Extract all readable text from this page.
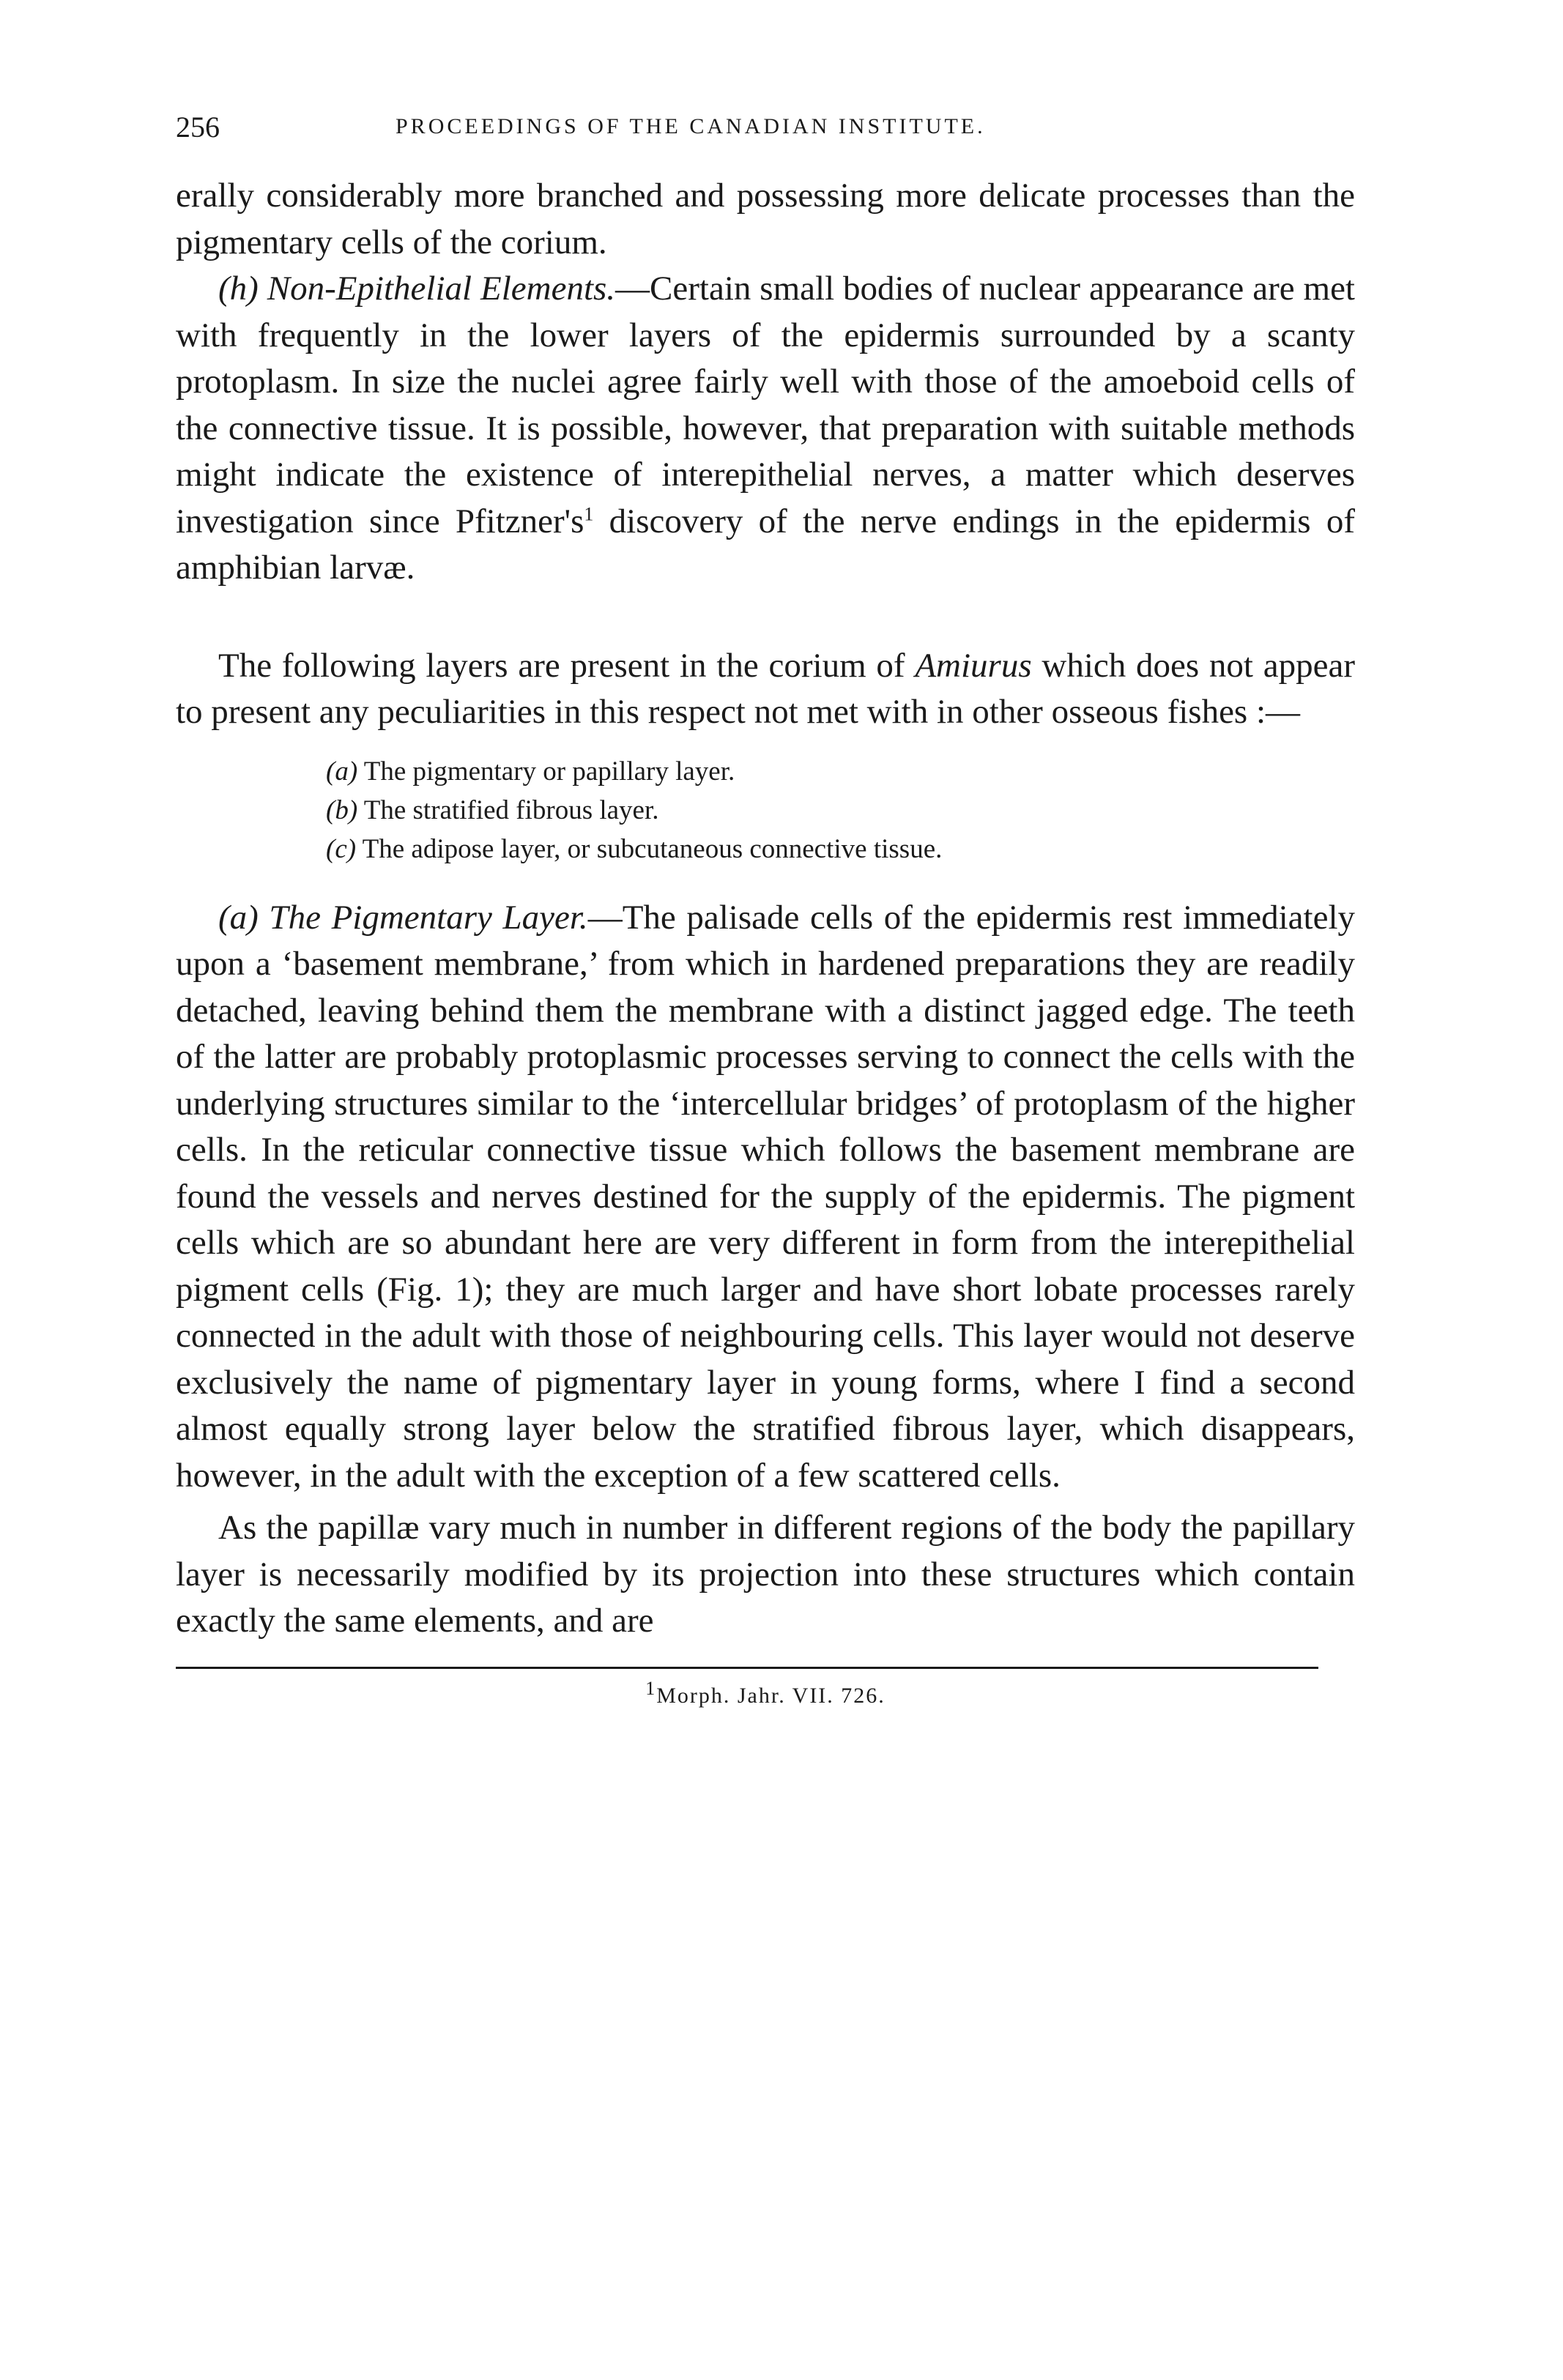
256	PROCEEDINGS OF THE CANADIAN INSTITUTE.

erally considerably more branched and possessing more delicate processes than the pigmentary cells of the corium.

(h) Non-Epithelial Elements.—Certain small bodies of nuclear appearance are met with frequently in the lower layers of the epidermis surrounded by a scanty protoplasm. In size the nuclei agree fairly well with those of the amoeboid cells of the connective tissue. It is possible, however, that preparation with suitable methods might indicate the existence of interepithelial nerves, a matter which deserves investigation since $Pfitzner's^1$ discovery of the nerve endings in the epidermis of amphibian larvæ.

The following layers are present in the corium of Amiurus which does not appear to present any peculiarities in this respect not met with in other osseous fishes :—

(a) The pigmentary or papillary layer.
(b) The stratified fibrous layer.
(c) The adipose layer, or subcutaneous connective tissue.

(a) The Pigmentary Layer.—The palisade cells of the epidermis rest immediately upon a ‘basement membrane,’ from which in hardened preparations they are readily detached, leaving behind them the membrane with a distinct jagged edge. The teeth of the latter are probably protoplasmic processes serving to connect the cells with the underlying structures similar to the ‘intercellular bridges’ of protoplasm of the higher cells. In the reticular connective tissue which follows the basement membrane are found the vessels and nerves destined for the supply of the epidermis. The pigment cells which are so abundant here are very different in form from the interepithelial pigment cells (Fig. 1); they are much larger and have short lobate processes rarely connected in the adult with those of neighbouring cells. This layer would not deserve exclusively the name of pigmentary layer in young forms, where I find a second almost equally strong layer below the stratified fibrous layer, which disappears, however, in the adult with the exception of a few scattered cells.

As the papillæ vary much in number in different regions of the body the papillary layer is necessarily modified by its projection into these structures which contain exactly the same elements, and are

$^1$Morph. Jahr. VII. 726.
